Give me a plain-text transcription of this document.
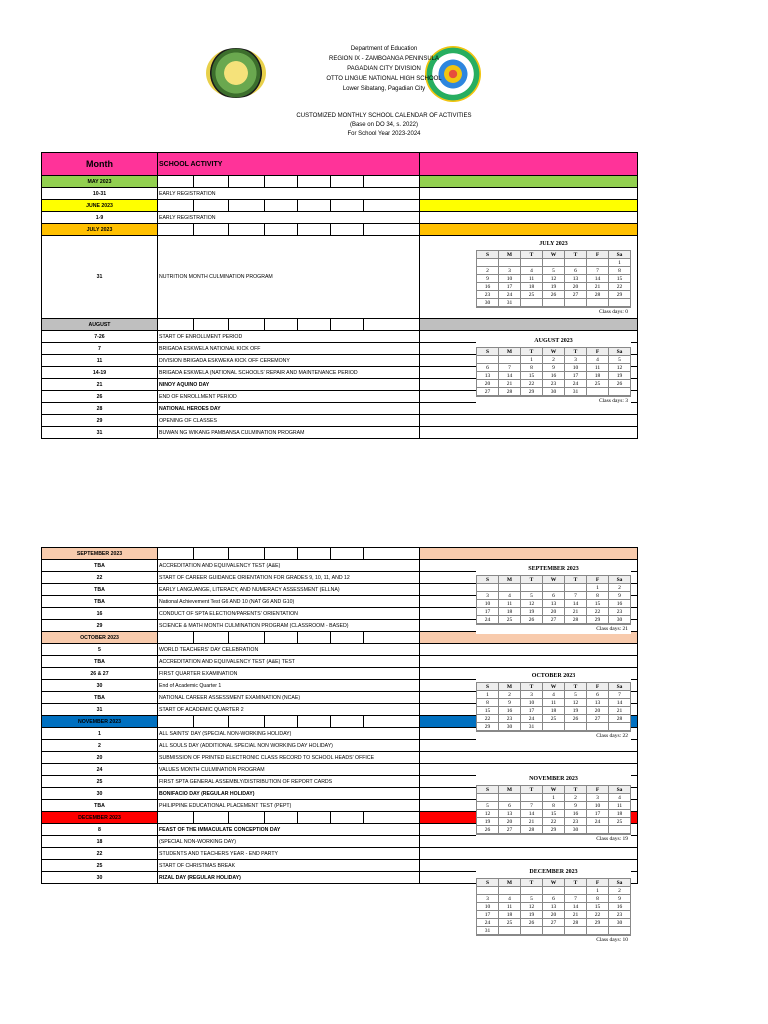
Department of Education
REGION IX - ZAMBOANGA PENINSULA
PAGADIAN CITY DIVISION
OTTO LINGUE NATIONAL HIGH SCHOOL
Lower Sibatang, Pagadian City
CUSTOMIZED MONTHLY SCHOOL CALENDAR OF ACTIVITIES
(Base on DO 34, s. 2022)
For School Year 2023-2024
Month	SCHOOL ACTIVITY							
MAY 2023								
10-31	EARLY REGISTRATION							
JUNE 2023								
1-9	EARLY REGISTRATION							
JULY 2023								
31	NUTRITION MONTH CULMINATION PROGRAM							
AUGUST								
7-26	START OF ENROLLMENT PERIOD							
7	BRIGADA ESKWELA NATIONAL KICK OFF							
11	DIVISION BRIGADA ESKWEKA KICK OFF CEREMONY							
14-19	BRIGADA ESKWELA (NATIONAL SCHOOLS' REPAIR AND MAINTENANCE PERIOD							
21	NINOY AQUINO DAY							
26	END OF ENROLLMENT PERIOD							
28	NATIONAL HEROES DAY							
29	OPENING OF CLASSES							
31	BUWAN NG WIKANG PAMBANSA CULMINATION PROGRAM							
SEPTEMBER 2023								
TBA	ACCREDITATION AND EQUIVALENCY TEST (A&E)							
22	START OF CAREER GUIDANCE ORIENTATION FOR GRADES 9, 10, 11, AND 12							
TBA	EARLY LANGUANGE, LITERACY, AND NUMERACY ASSESSMENT (ELLNA)							
TBA	National Achievement Test G6 AND 10 (NAT G6 AND G10)							
16	CONDUCT OF SPTA ELECTION/PARENTS' ORIENTATION							
29	SCIENCE & MATH MONTH CULMINATION PROGRAM (CLASSROOM - BASED)							
OCTOBER 2023								
5	WORLD TEACHERS' DAY CELEBRATION							
TBA	ACCREDITATION AND EQUIVALENCY TEST (A&E) TEST							
26 & 27	FIRST QUARTER EXAMINATION							
30	End of Academic Quarter 1							
TBA	NATIONAL CAREER ASSESSMENT EXAMINATION (NCAE)							
31	START OF ACADEMIC QUARTER 2							
NOVEMBER 2023								
1	ALL SAINTS' DAY (SPECIAL NON-WORKING HOLIDAY)							
2	ALL SOULS DAY (ADDITIONAL SPECIAL NON WORKING DAY HOLIDAY)							
20	SUBMISSION OF PRINTED ELECTRONIC CLASS RECORD TO SCHOOL HEADS' OFFICE							
24	VALUES MONTH CULMINATION PROGRAM							
25	FIRST SPTA GENERAL ASSEMBLY/DISTRIBUTION OF REPORT CARDS							
30	BONIFACIO DAY (REGULAR HOLIDAY)							
TBA	PHILIPPINE EDUCATIONAL PLACEMENT TEST (PEPT)							
DECEMBER 2023								
8	FEAST OF THE IMMACULATE CONCEPTION DAY							
18	(SPECIAL NON-WORKING DAY)							
22	STUDENTS AND TEACHERS YEAR - END PARTY							
25	START OF CHRISTMAS BREAK							
30	RIZAL DAY (REGULAR HOLIDAY)							
JULY 2023
S	M	T	W	T	F	Sa
						1
2	3	4	5	6	7	8
9	10	11	12	13	14	15
16	17	18	19	20	21	22
23	24	25	26	27	28	29
30	31					
Class days: 0
AUGUST 2023
S	M	T	W	T	F	Sa
		1	2	3	4	5
6	7	8	9	10	11	12
13	14	15	16	17	18	19
20	21	22	23	24	25	26
27	28	29	30	31		
Class days: 3
SEPTEMBER 2023
S	M	T	W	T	F	Sa
					1	2
3	4	5	6	7	8	9
10	11	12	13	14	15	16
17	18	19	20	21	22	23
24	25	26	27	28	29	30
Class days: 21
OCTOBER 2023
S	M	T	W	T	F	Sa
1	2	3	4	5	6	7
8	9	10	11	12	13	14
15	16	17	18	19	20	21
22	23	24	25	26	27	28
29	30	31				
Class days: 22
NOVEMBER 2023
S	M	T	W	T	F	Sa
			1	2	3	4
5	6	7	8	9	10	11
12	13	14	15	16	17	18
19	20	21	22	23	24	25
26	27	28	29	30		
Class days: 19
DECEMBER 2023
S	M	T	W	T	F	Sa
					1	2
3	4	5	6	7	8	9
10	11	12	13	14	15	16
17	18	19	20	21	22	23
24	25	26	27	28	29	30
31						
Class days: 10
